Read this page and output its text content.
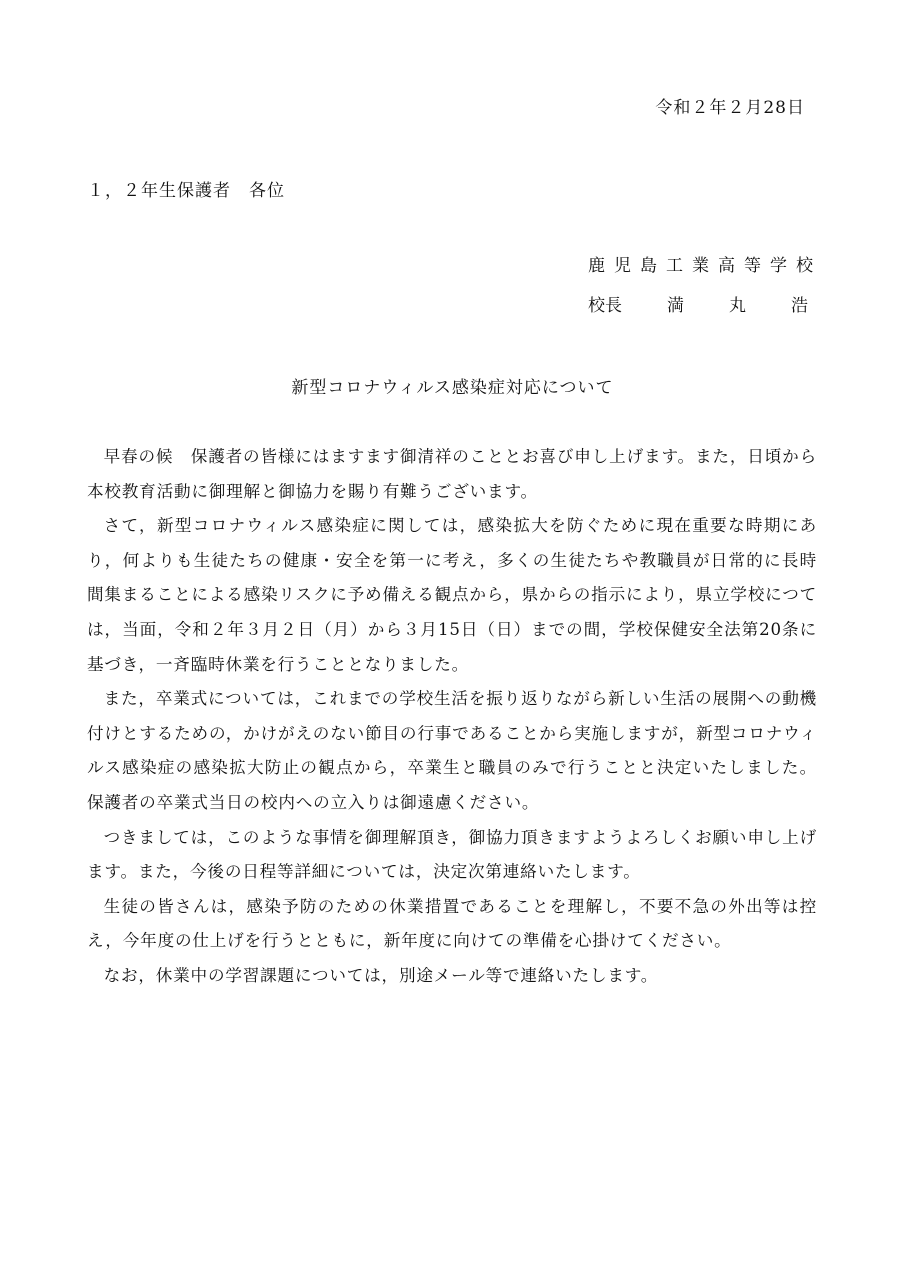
令和２年２月28日
１，２年生保護者　各位
鹿児島工業高等学校
校長	満	丸	浩
新型コロナウィルス感染症対応について

早春の候　保護者の皆様にはますます御清祥のこととお喜び申し上げます。また，日頃から本校教育活動に御理解と御協力を賜り有難うございます。

さて，新型コロナウィルス感染症に関しては，感染拡大を防ぐために現在重要な時期にあり，何よりも生徒たちの健康・安全を第一に考え，多くの生徒たちや教職員が日常的に長時間集まることによる感染リスクに予め備える観点から，県からの指示により，県立学校につては，当面，令和２年３月２日（月）から３月15日（日）までの間，学校保健安全法第20条に基づき，一斉臨時休業を行うこととなりました。

また，卒業式については，これまでの学校生活を振り返りながら新しい生活の展開への動機付けとするための，かけがえのない節目の行事であることから実施しますが，新型コロナウィルス感染症の感染拡大防止の観点から，卒業生と職員のみで行うことと決定いたしました。保護者の卒業式当日の校内への立入りは御遠慮ください。

つきましては，このような事情を御理解頂き，御協力頂きますようよろしくお願い申し上げます。また，今後の日程等詳細については，決定次第連絡いたします。

生徒の皆さんは，感染予防のための休業措置であることを理解し，不要不急の外出等は控え，今年度の仕上げを行うとともに，新年度に向けての準備を心掛けてください。

なお，休業中の学習課題については，別途メール等で連絡いたします。
